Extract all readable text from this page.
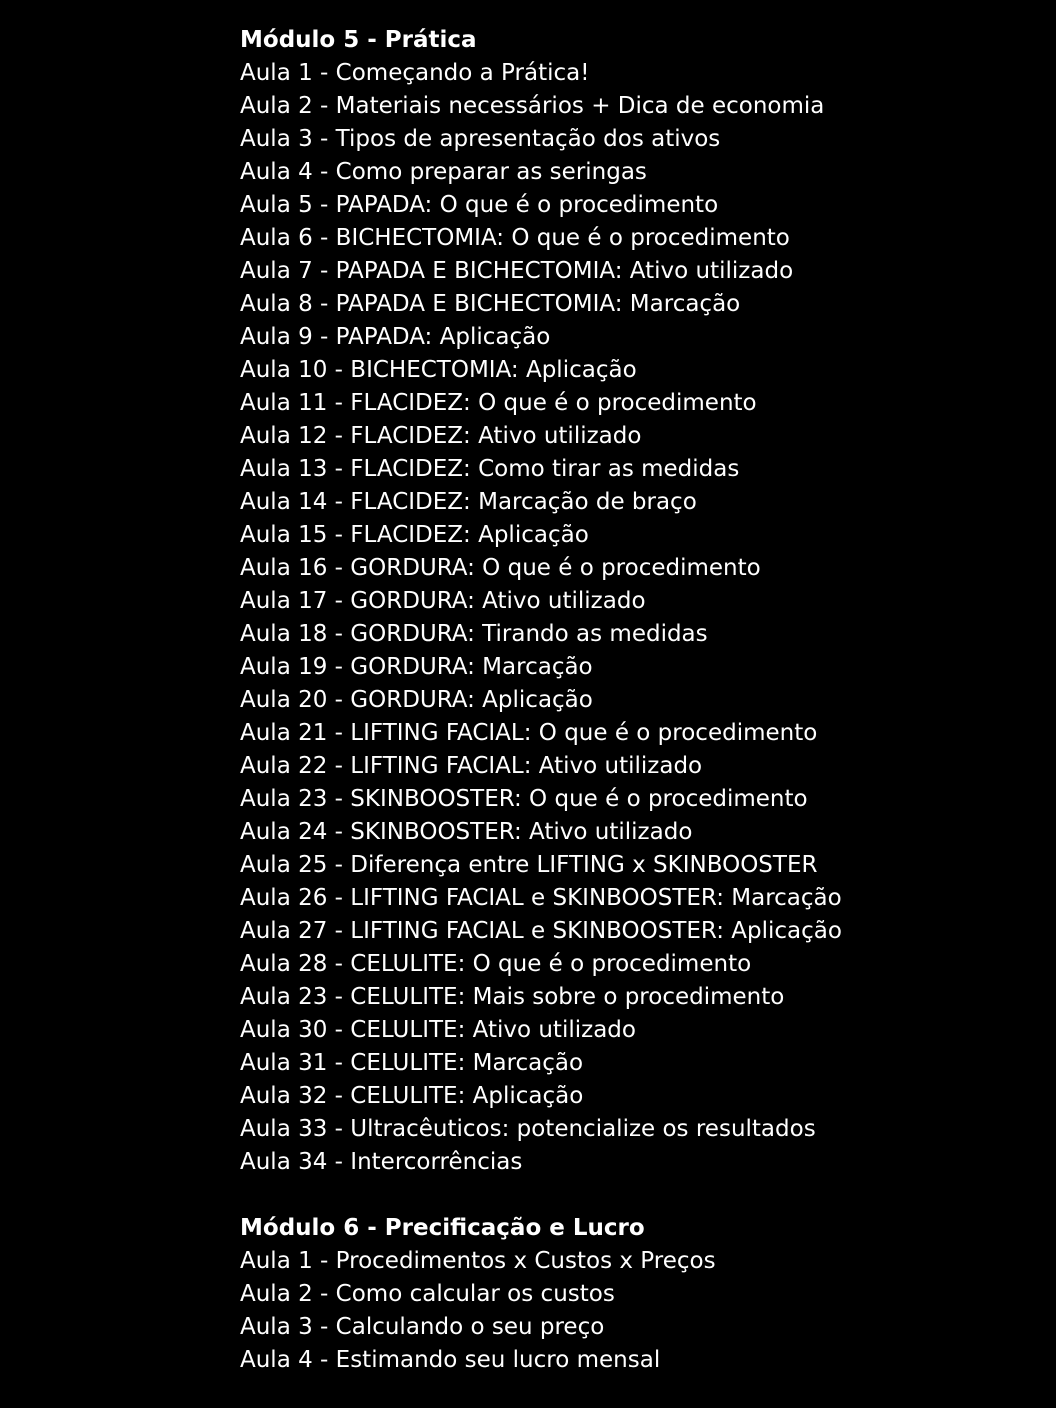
Módulo 5 - Prática
Aula 1 - Começando a Prática!
Aula 2 - Materiais necessários + Dica de economia
Aula 3 - Tipos de apresentação dos ativos
Aula 4 - Como preparar as seringas
Aula 5 - PAPADA: O que é o procedimento
Aula 6 - BICHECTOMIA: O que é o procedimento
Aula 7 - PAPADA E BICHECTOMIA: Ativo utilizado
Aula 8 - PAPADA E BICHECTOMIA: Marcação
Aula 9 - PAPADA: Aplicação
Aula 10 - BICHECTOMIA: Aplicação
Aula 11 - FLACIDEZ: O que é o procedimento
Aula 12 - FLACIDEZ: Ativo utilizado
Aula 13 - FLACIDEZ: Como tirar as medidas
Aula 14 - FLACIDEZ: Marcação de braço
Aula 15 - FLACIDEZ: Aplicação
Aula 16 - GORDURA: O que é o procedimento
Aula 17 - GORDURA: Ativo utilizado
Aula 18 - GORDURA: Tirando as medidas
Aula 19 - GORDURA: Marcação
Aula 20 - GORDURA: Aplicação
Aula 21 - LIFTING FACIAL: O que é o procedimento
Aula 22 - LIFTING FACIAL: Ativo utilizado
Aula 23 - SKINBOOSTER: O que é o procedimento
Aula 24 - SKINBOOSTER: Ativo utilizado
Aula 25 - Diferença entre LIFTING x SKINBOOSTER
Aula 26 - LIFTING FACIAL e SKINBOOSTER: Marcação
Aula 27 - LIFTING FACIAL e SKINBOOSTER: Aplicação
Aula 28 - CELULITE: O que é o procedimento
Aula 23 - CELULITE: Mais sobre o procedimento
Aula 30 - CELULITE: Ativo utilizado
Aula 31 - CELULITE: Marcação
Aula 32 - CELULITE: Aplicação
Aula 33 - Ultracêuticos: potencialize os resultados
Aula 34 - Intercorrências
Módulo 6 - Precificação e Lucro
Aula 1 - Procedimentos x Custos x Preços
Aula 2 - Como calcular os custos
Aula 3 - Calculando o seu preço
Aula 4 - Estimando seu lucro mensal
